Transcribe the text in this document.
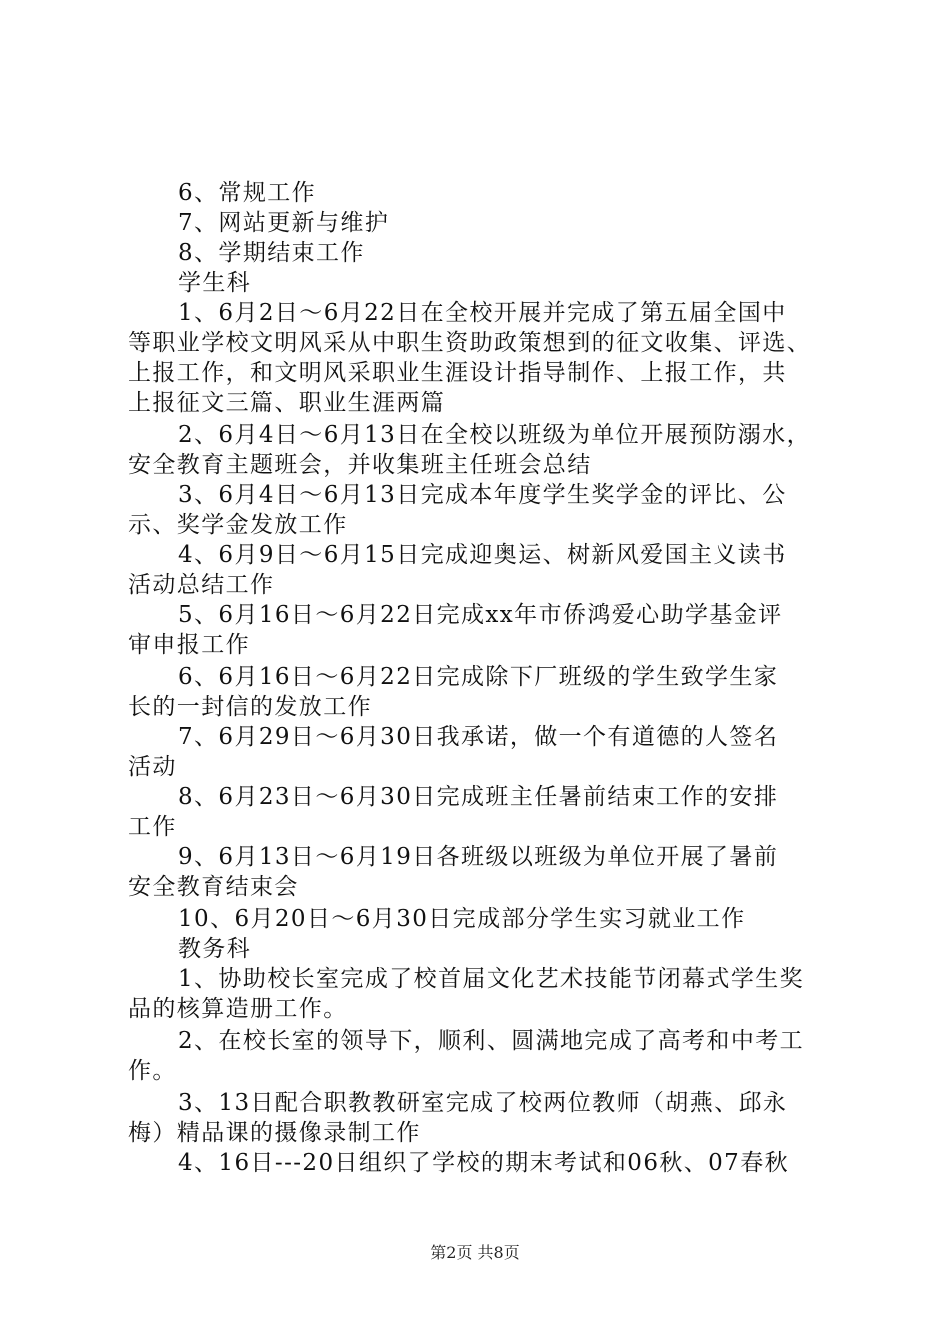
6、常规工作
7、网站更新与维护
8、学期结束工作
学生科
1、6月2日～6月22日在全校开展并完成了第五届全国中
等职业学校文明风采从中职生资助政策想到的征文收集、评选、
上报工作，和文明风采职业生涯设计指导制作、上报工作，共
上报征文三篇、职业生涯两篇
2、6月4日～6月13日在全校以班级为单位开展预防溺水，
安全教育主题班会，并收集班主任班会总结
3、6月4日～6月13日完成本年度学生奖学金的评比、公
示、奖学金发放工作
4、6月9日～6月15日完成迎奥运、树新风爱国主义读书
活动总结工作
5、6月16日～6月22日完成xx年市侨鸿爱心助学基金评
审申报工作
6、6月16日～6月22日完成除下厂班级的学生致学生家
长的一封信的发放工作
7、6月29日～6月30日我承诺，做一个有道德的人签名
活动
8、6月23日～6月30日完成班主任暑前结束工作的安排
工作
9、6月13日～6月19日各班级以班级为单位开展了暑前
安全教育结束会
10、6月20日～6月30日完成部分学生实习就业工作
教务科
1、协助校长室完成了校首届文化艺术技能节闭幕式学生奖
品的核算造册工作。
2、在校长室的领导下，顺利、圆满地完成了高考和中考工
作。
3、13日配合职教教研室完成了校两位教师（胡燕、邱永
梅）精品课的摄像录制工作
4、16日---20日组织了学校的期末考试和06秋、07春秋
第2页 共8页
